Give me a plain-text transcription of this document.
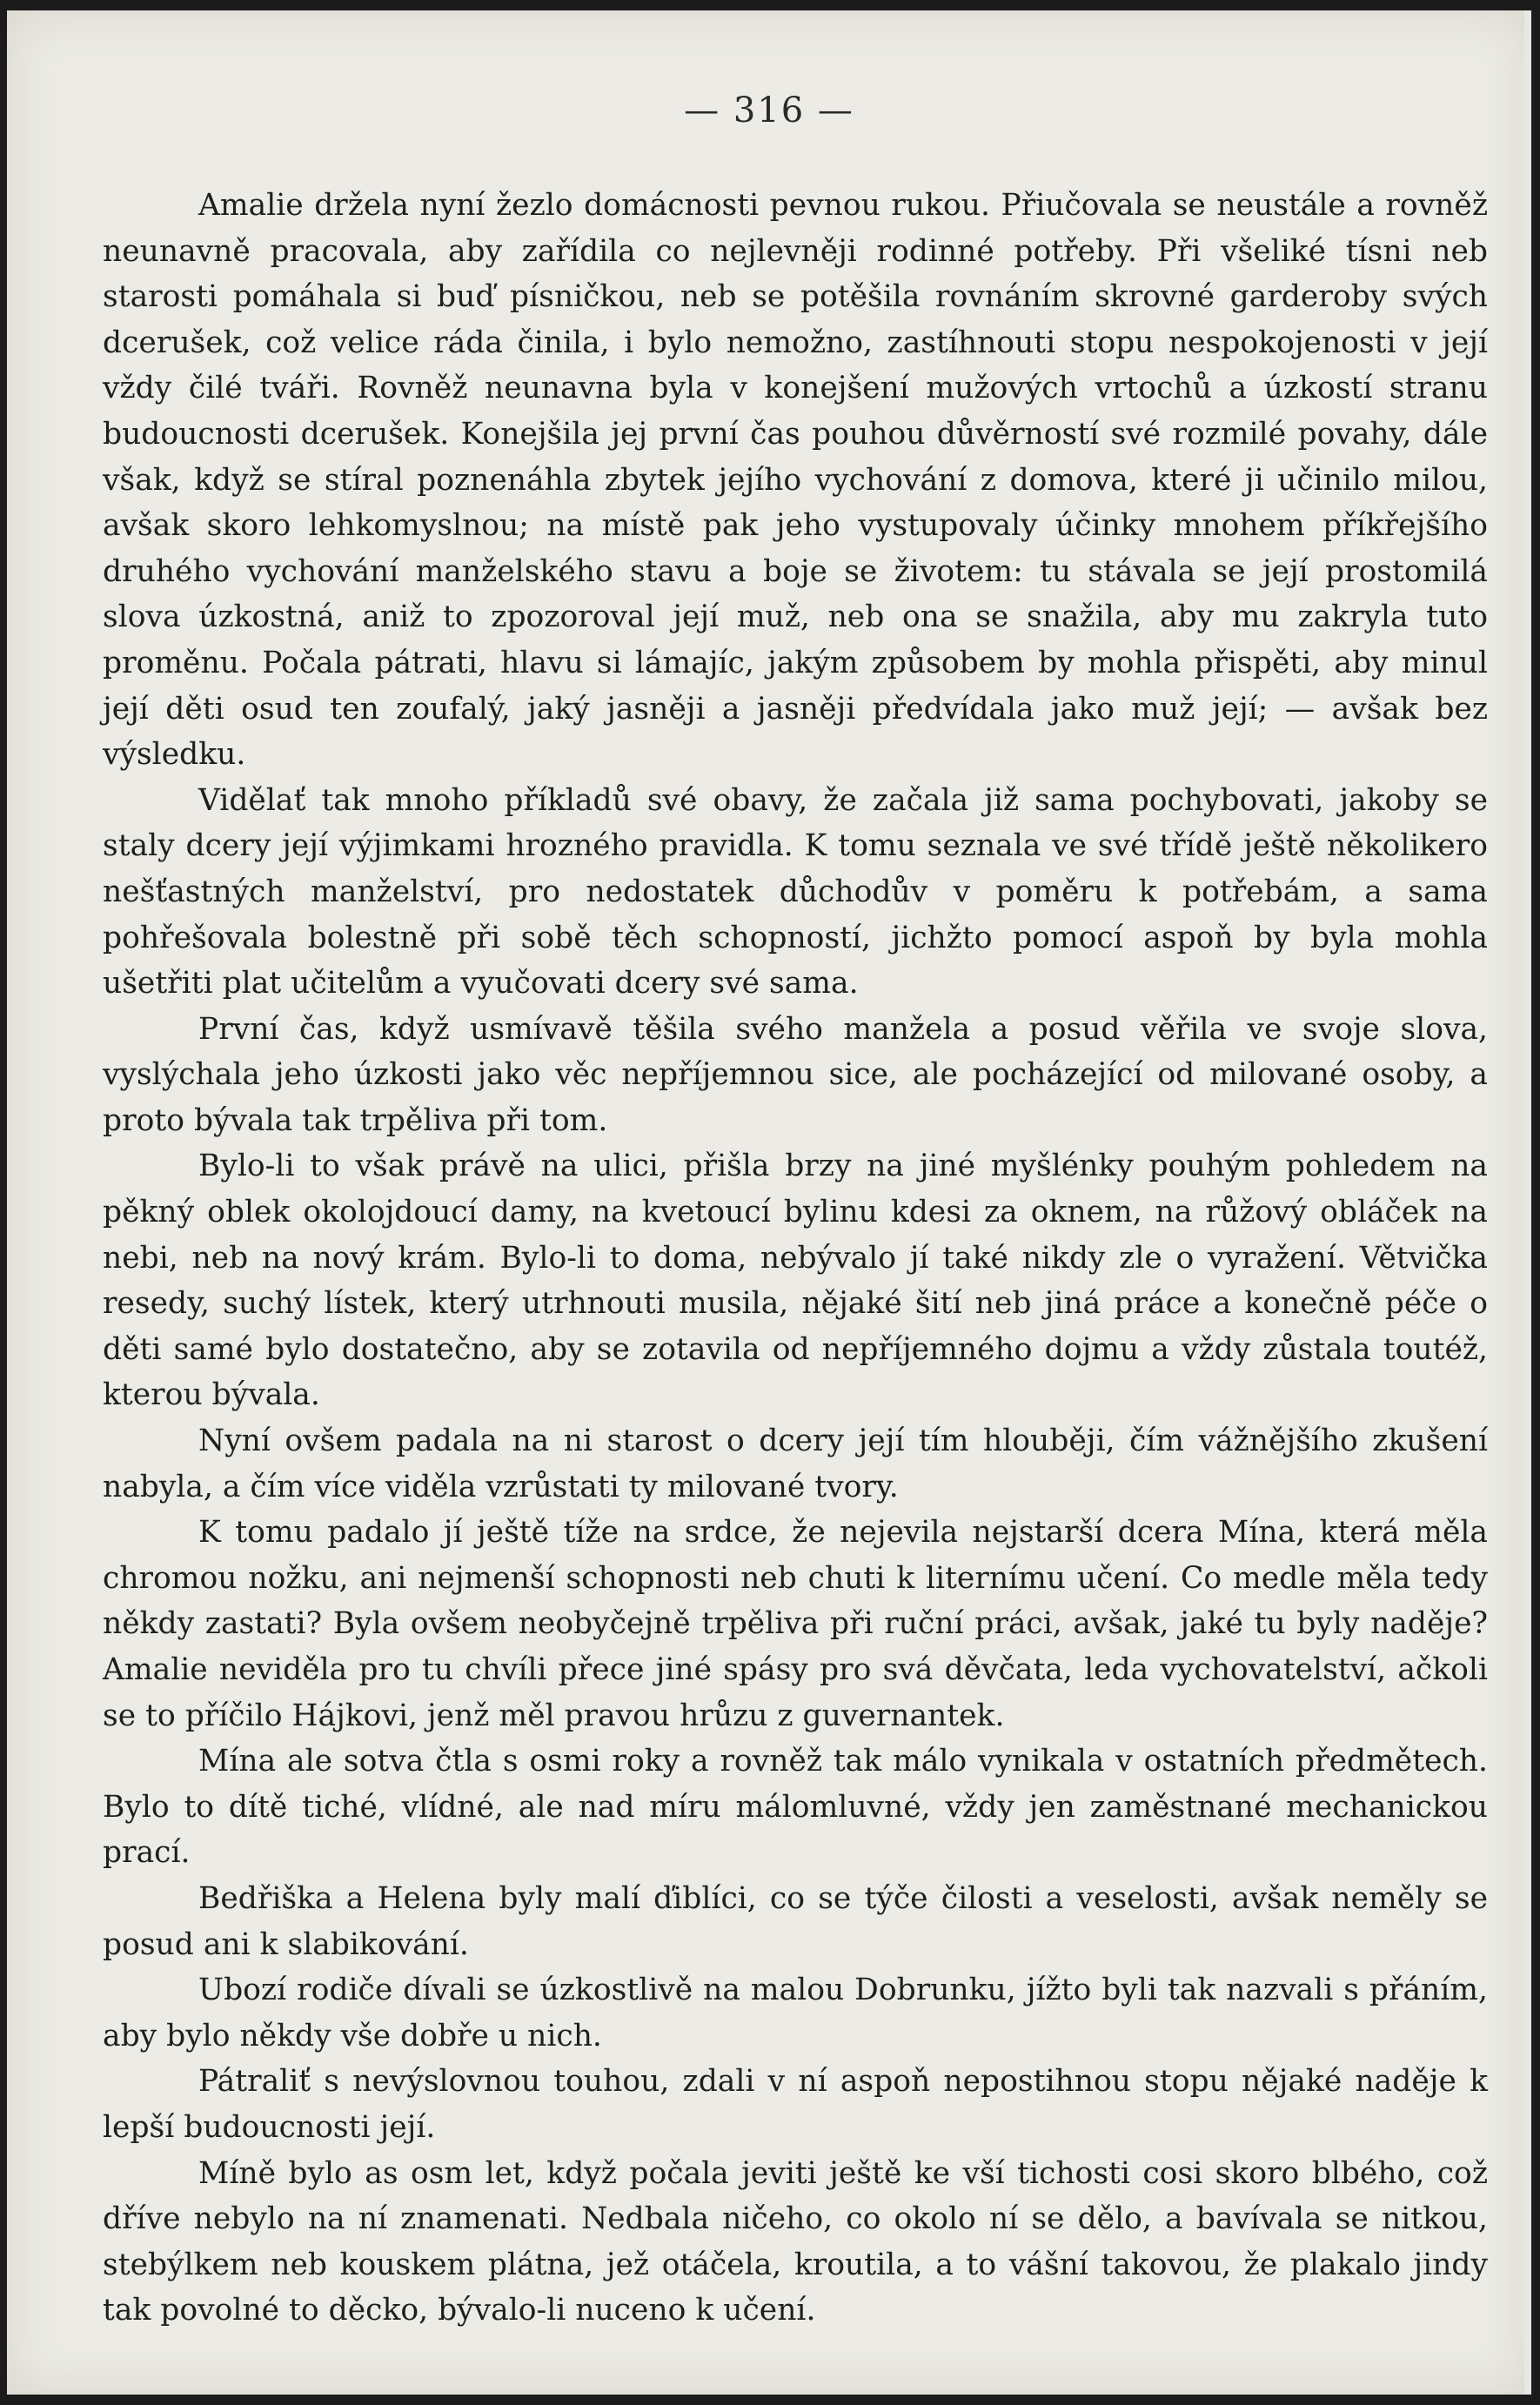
— 316 —

Amalie držela nyní žezlo domácnosti pevnou rukou. Přiučovala se neustále a rovněž neunavně pracovala, aby zařídila co nejlevněji rodinné potřeby. Při všeliké tísni neb starosti pomáhala si buď písničkou, neb se potěšila rovnáním skrovné garderoby svých dcerušek, což velice ráda činila, i bylo nemožno, zastíhnouti stopu nespokojenosti v její vždy čilé tváři. Rovněž neunavna byla v konejšení mužových vrtochů a úzkostí stranu budoucnosti dcerušek. Konejšila jej první čas pouhou důvěrností své rozmilé povahy, dále však, když se stíral poznenáhla zbytek jejího vychování z domova, které ji učinilo milou, avšak skoro lehkomyslnou; na místě pak jeho vystupovaly účinky mnohem příkřejšího druhého vychování manželského stavu a boje se životem: tu stávala se její prostomilá slova úzkostná, aniž to zpozoroval její muž, neb ona se snažila, aby mu zakryla tuto proměnu. Počala pátrati, hlavu si lámajíc, jakým způsobem by mohla přispěti, aby minul její děti osud ten zoufalý, jaký jasněji a jasněji předvídala jako muž její; — avšak bez výsledku.

Vidělať tak mnoho příkladů své obavy, že začala již sama pochybovati, jakoby se staly dcery její výjimkami hrozného pravidla. K tomu seznala ve své třídě ještě několikero nešťastných manželství, pro nedostatek důchodův v poměru k potřebám, a sama pohřešovala bolestně při sobě těch schopností, jichžto pomocí aspoň by byla mohla ušetřiti plat učitelům a vyučovati dcery své sama.

První čas, když usmívavě těšila svého manžela a posud věřila ve svoje slova, vyslýchala jeho úzkosti jako věc nepříjemnou sice, ale pocházející od milované osoby, a proto bývala tak trpěliva při tom.

Bylo-li to však právě na ulici, přišla brzy na jiné myšlénky pouhým pohledem na pěkný oblek okolojdoucí damy, na kvetoucí bylinu kdesi za oknem, na růžový obláček na nebi, neb na nový krám. Bylo-li to doma, nebývalo jí také nikdy zle o vyražení. Větvička resedy, suchý lístek, který utrhnouti musila, nějaké šití neb jiná práce a konečně péče o děti samé bylo dostatečno, aby se zotavila od nepříjemného dojmu a vždy zůstala toutéž, kterou bývala.

Nyní ovšem padala na ni starost o dcery její tím hlouběji, čím vážnějšího zkušení nabyla, a čím více viděla vzrůstati ty milované tvory.

K tomu padalo jí ještě tíže na srdce, že nejevila nejstarší dcera Mína, která měla chromou nožku, ani nejmenší schopnosti neb chuti k liternímu učení. Co medle měla tedy někdy zastati? Byla ovšem neobyčejně trpěliva při ruční práci, avšak, jaké tu byly naděje? Amalie neviděla pro tu chvíli přece jiné spásy pro svá děvčata, leda vychovatelství, ačkoli se to příčilo Hájkovi, jenž měl pravou hrůzu z guvernantek.

Mína ale sotva čtla s osmi roky a rovněž tak málo vynikala v ostatních předmětech. Bylo to dítě tiché, vlídné, ale nad míru málomluvné, vždy jen zaměstnané mechanickou prací.

Bedřiška a Helena byly malí ďiblíci, co se týče čilosti a veselosti, avšak neměly se posud ani k slabikování.

Ubozí rodiče dívali se úzkostlivě na malou Dobrunku, jížto byli tak nazvali s přáním, aby bylo někdy vše dobře u nich.

Pátraliť s nevýslovnou touhou, zdali v ní aspoň nepostihnou stopu nějaké naděje k lepší budoucnosti její.

Míně bylo as osm let, když počala jeviti ještě ke vší tichosti cosi skoro blbého, což dříve nebylo na ní znamenati. Nedbala ničeho, co okolo ní se dělo, a bavívala se nitkou, stebýlkem neb kouskem plátna, jež otáčela, kroutila, a to vášní takovou, že plakalo jindy tak povolné to děcko, bývalo-li nuceno k učení.
